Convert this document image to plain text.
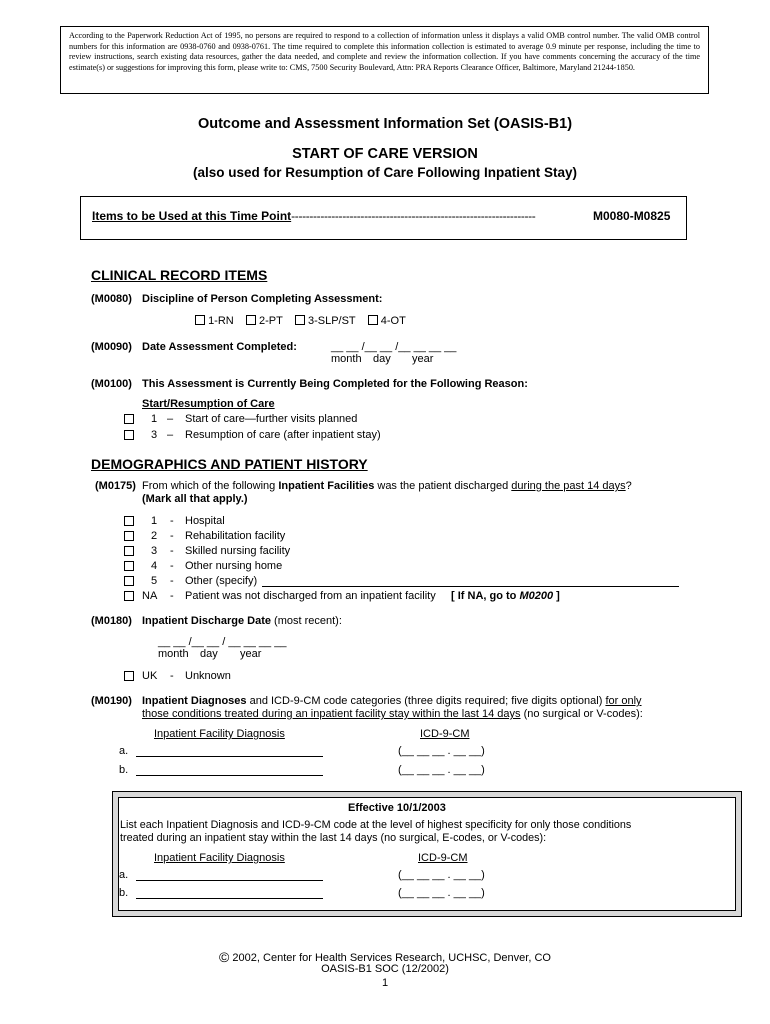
According to the Paperwork Reduction Act of 1995, no persons are required to respond to a collection of information unless it displays a valid OMB control number. The valid OMB control numbers for this information are 0938-0760 and 0938-0761. The time required to complete this information collection is estimated to average 0.9 minute per response, including the time to review instructions, search existing data resources, gather the data needed, and complete and review the information collection. If you have comments concerning the accuracy of the time estimate(s) or suggestions for improving this form, please write to: CMS, 7500 Security Boulevard, Attn: PRA Reports Clearance Officer, Baltimore, Maryland 21244-1850.
Outcome and Assessment Information Set (OASIS-B1)
START OF CARE VERSION
(also used for Resumption of Care Following Inpatient Stay)
Items to be Used at this Time Point-------------------------------------------------------------------	M0080-M0825
CLINICAL RECORD ITEMS
(M0080) Discipline of Person Completing Assessment:
1-RN 2-PT 3-SLP/ST 4-OT
(M0090) Date Assessment Completed:	__ __ /__ __ /__ __ __ __
month day year
(M0100) This Assessment is Currently Being Completed for the Following Reason:
Start/Resumption of Care
1 – Start of care—further visits planned
3 – Resumption of care (after inpatient stay)
DEMOGRAPHICS AND PATIENT HISTORY
(M0175) From which of the following Inpatient Facilities was the patient discharged during the past 14 days?
(Mark all that apply.)
1 - Hospital
2 - Rehabilitation facility
3 - Skilled nursing facility
4 - Other nursing home
5 - Other (specify)
NA - Patient was not discharged from an inpatient facility [ If NA, go to M0200 ]
(M0180) Inpatient Discharge Date (most recent):
__ __ /__ __ / __ __ __ __
month day year
UK - Unknown
(M0190) Inpatient Diagnoses and ICD-9-CM code categories (three digits required; five digits optional) for only
those conditions treated during an inpatient facility stay within the last 14 days (no surgical or V-codes):
Inpatient Facility Diagnosis	ICD-9-CM
a.	(__ __ __ . __ __)
b.	(__ __ __ . __ __)
Effective 10/1/2003
List each Inpatient Diagnosis and ICD-9-CM code at the level of highest specificity for only those conditions
treated during an inpatient stay within the last 14 days (no surgical, E-codes, or V-codes):
Inpatient Facility Diagnosis	ICD-9-CM
a.	(__ __ __ . __ __)
b.	(__ __ __ . __ __)
© 2002, Center for Health Services Research, UCHSC, Denver, CO
OASIS-B1 SOC (12/2002)
1
